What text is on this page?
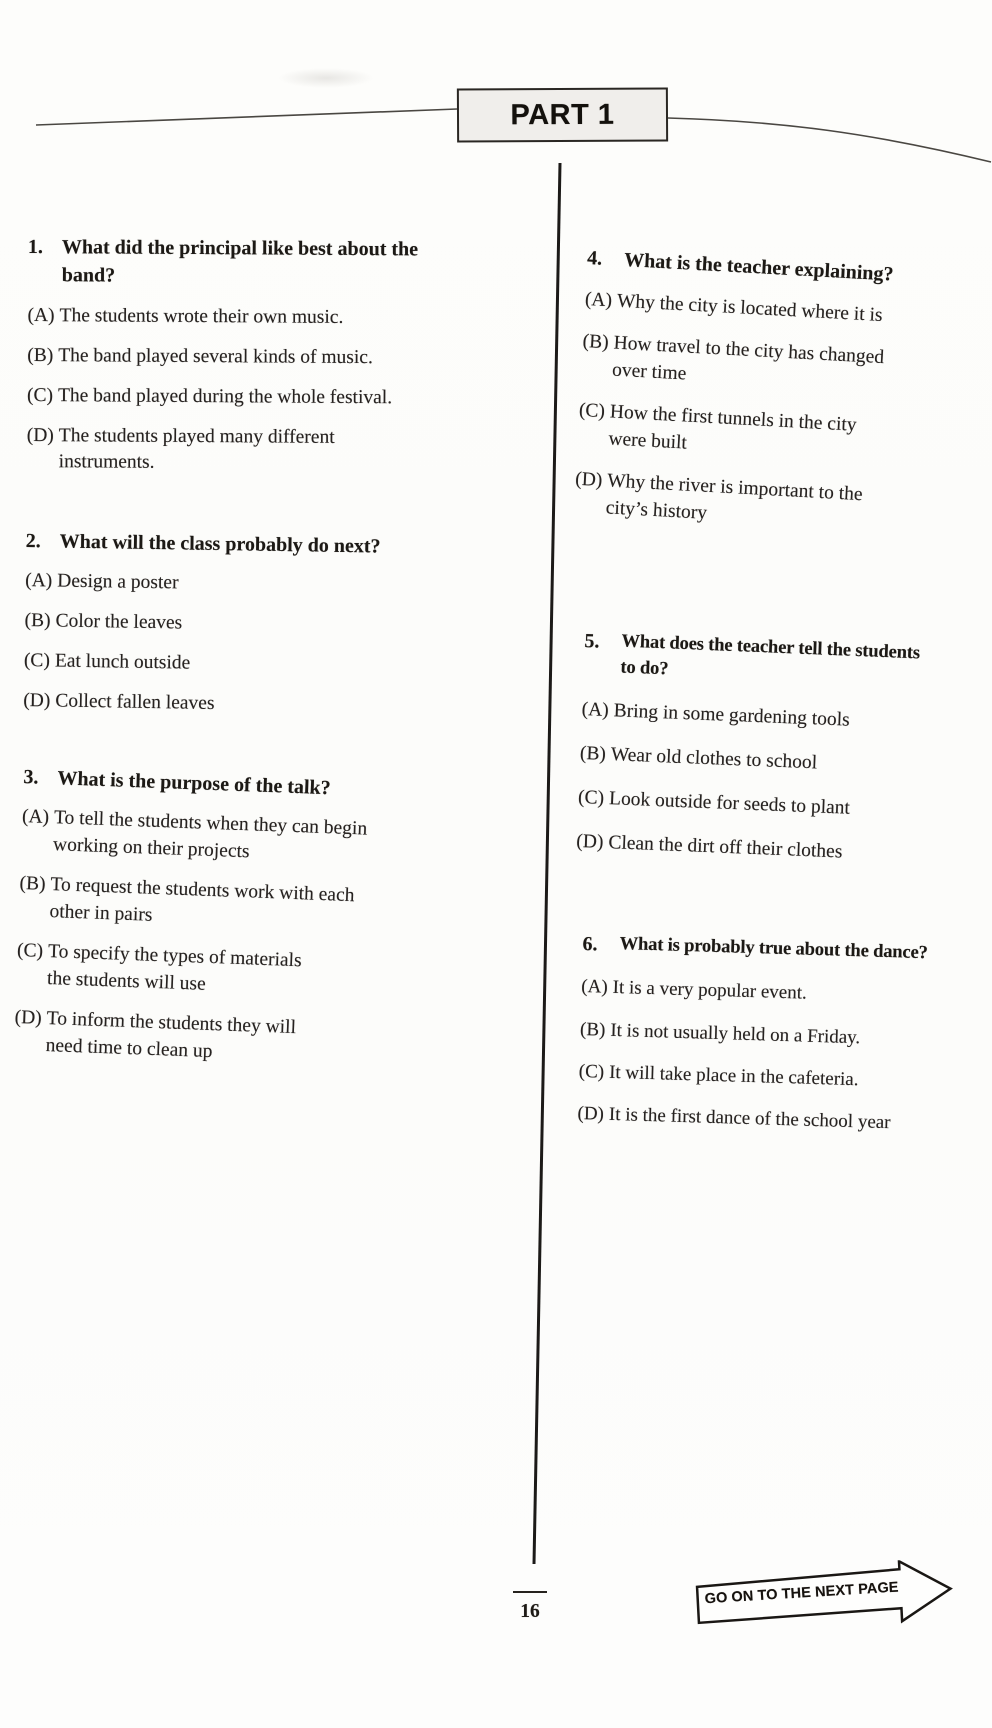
PART 1
1. What did the principal like best about the
band?
(A) The students wrote their own music.
(B) The band played several kinds of music.
(C) The band played during the whole festival.
(D) The students played many different
instruments.
2. What will the class probably do next?
(A) Design a poster
(B) Color the leaves
(C) Eat lunch outside
(D) Collect fallen leaves
3. What is the purpose of the talk?
(A) To tell the students when they can begin
working on their projects
(B) To request the students work with each
other in pairs
(C) To specify the types of materials
the students will use
(D) To inform the students they will
need time to clean up
4.	What is the teacher explaining?
(A) Why the city is located where it is
(B) How travel to the city has changed
over time
(C) How the first tunnels in the city
were built
(D) Why the river is important to the
city’s history
5.	What does the teacher tell the students
to do?
(A) Bring in some gardening tools
(B) Wear old clothes to school
(C) Look outside for seeds to plant
(D) Clean the dirt off their clothes
6.	What is probably true about the dance?
(A) It is a very popular event.
(B) It is not usually held on a Friday.
(C) It will take place in the cafeteria.
(D) It is the first dance of the school year
16
GO ON TO THE NEXT PAGE
